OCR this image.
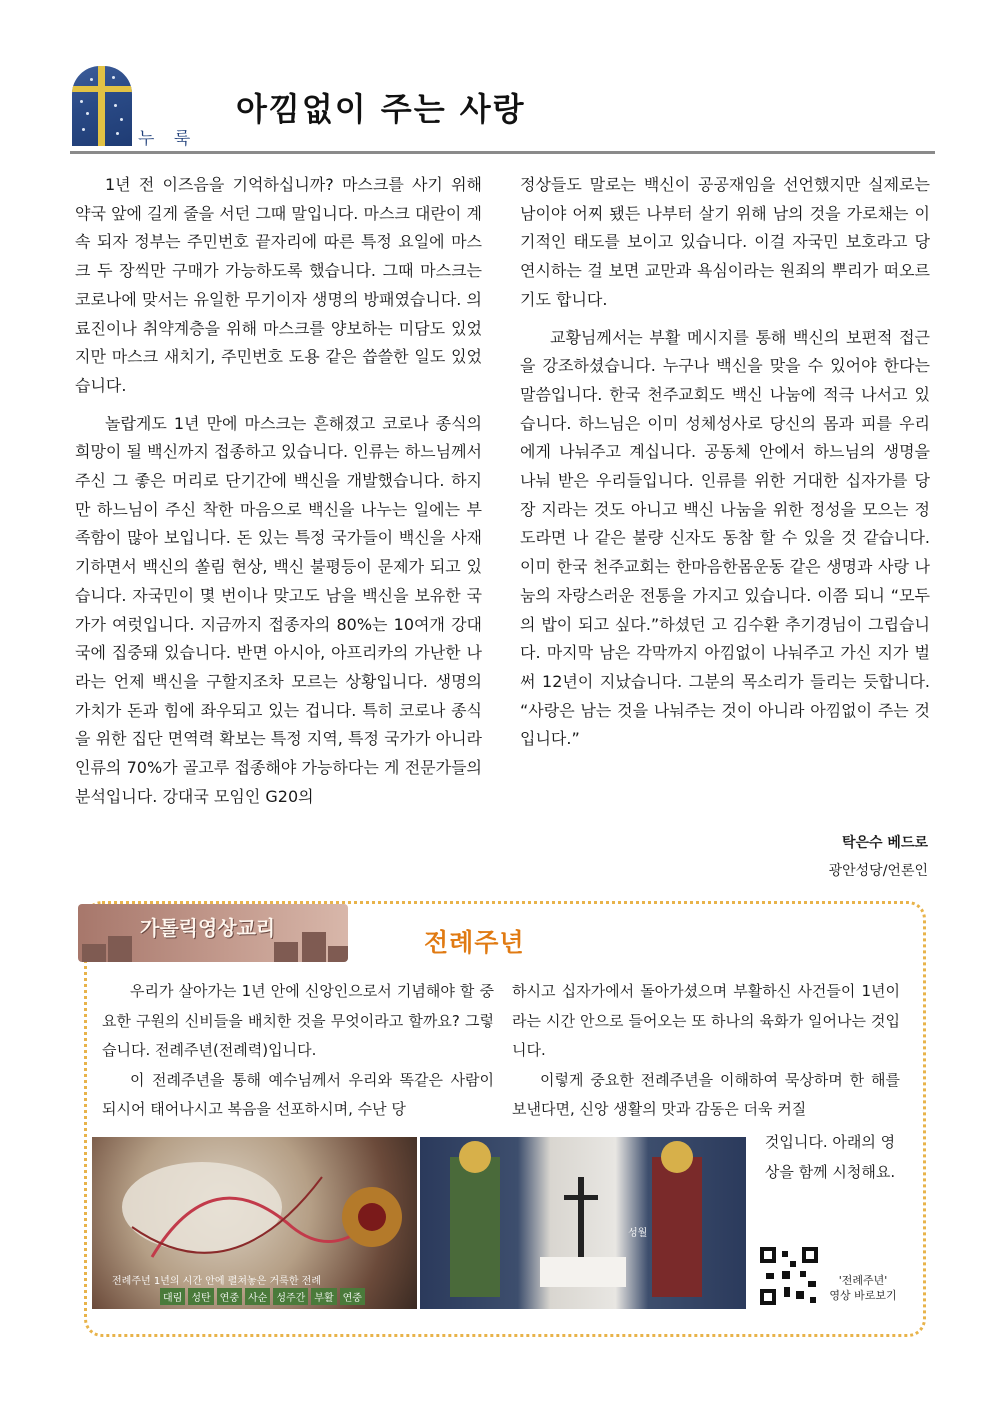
누 룩
아낌없이 주는 사랑

1년 전 이즈음을 기억하십니까? 마스크를 사기 위해 약국 앞에 길게 줄을 서던 그때 말입니다. 마스크 대란이 계속 되자 정부는 주민번호 끝자리에 따른 특정 요일에 마스크 두 장씩만 구매가 가능하도록 했습니다. 그때 마스크는 코로나에 맞서는 유일한 무기이자 생명의 방패였습니다. 의료진이나 취약계층을 위해 마스크를 양보하는 미담도 있었지만 마스크 새치기, 주민번호 도용 같은 씁쓸한 일도 있었습니다.

놀랍게도 1년 만에 마스크는 흔해졌고 코로나 종식의 희망이 될 백신까지 접종하고 있습니다. 인류는 하느님께서 주신 그 좋은 머리로 단기간에 백신을 개발했습니다. 하지만 하느님이 주신 착한 마음으로 백신을 나누는 일에는 부족함이 많아 보입니다. 돈 있는 특정 국가들이 백신을 사재기하면서 백신의 쏠림 현상, 백신 불평등이 문제가 되고 있습니다. 자국민이 몇 번이나 맞고도 남을 백신을 보유한 국가가 여럿입니다. 지금까지 접종자의 80%는 10여개 강대국에 집중돼 있습니다. 반면 아시아, 아프리카의 가난한 나라는 언제 백신을 구할지조차 모르는 상황입니다. 생명의 가치가 돈과 힘에 좌우되고 있는 겁니다. 특히 코로나 종식을 위한 집단 면역력 확보는 특정 지역, 특정 국가가 아니라 인류의 70%가 골고루 접종해야 가능하다는 게 전문가들의 분석입니다. 강대국 모임인 G20의

정상들도 말로는 백신이 공공재임을 선언했지만 실제로는 남이야 어찌 됐든 나부터 살기 위해 남의 것을 가로채는 이기적인 태도를 보이고 있습니다. 이걸 자국민 보호라고 당연시하는 걸 보면 교만과 욕심이라는 원죄의 뿌리가 떠오르기도 합니다.

교황님께서는 부활 메시지를 통해 백신의 보편적 접근을 강조하셨습니다. 누구나 백신을 맞을 수 있어야 한다는 말씀입니다. 한국 천주교회도 백신 나눔에 적극 나서고 있습니다. 하느님은 이미 성체성사로 당신의 몸과 피를 우리에게 나눠주고 계십니다. 공동체 안에서 하느님의 생명을 나눠 받은 우리들입니다. 인류를 위한 거대한 십자가를 당장 지라는 것도 아니고 백신 나눔을 위한 정성을 모으는 정도라면 나 같은 불량 신자도 동참 할 수 있을 것 같습니다. 이미 한국 천주교회는 한마음한몸운동 같은 생명과 사랑 나눔의 자랑스러운 전통을 가지고 있습니다. 이쯤 되니 “모두의 밥이 되고 싶다.”하셨던 고 김수환 추기경님이 그립습니다. 마지막 남은 각막까지 아낌없이 나눠주고 가신 지가 벌써 12년이 지났습니다. 그분의 목소리가 들리는 듯합니다. “사랑은 남는 것을 나눠주는 것이 아니라 아낌없이 주는 것입니다.”

탁은수 베드로
광안성당/언론인
가톨릭영상교리	전례주년

우리가 살아가는 1년 안에 신앙인으로서 기념해야 할 중요한 구원의 신비들을 배치한 것을 무엇이라고 할까요? 그렇습니다. 전례주년(전례력)입니다.

이 전례주년을 통해 예수님께서 우리와 똑같은 사람이 되시어 태어나시고 복음을 선포하시며, 수난 당

하시고 십자가에서 돌아가셨으며 부활하신 사건들이 1년이라는 시간 안으로 들어오는 또 하나의 육화가 일어나는 것입니다.

이렇게 중요한 전례주년을 이해하여 묵상하며 한 해를 보낸다면, 신앙 생활의 맛과 감동은 더욱 커질

것입니다. 아래의 영상을 함께 시청해요.
전례주년 1년의 시간 안에 펼쳐놓은 거룩한 전례
대림 성탄 연중 사순 성주간 부활 연중
성월
'전례주년'
영상 바로보기
